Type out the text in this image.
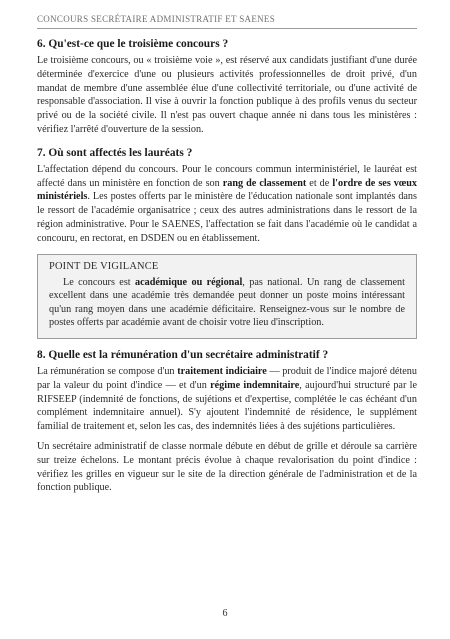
CONCOURS SECRÉTAIRE ADMINISTRATIF ET SAENES
6. Qu'est-ce que le troisième concours ?

Le troisième concours, ou « troisième voie », est réservé aux candidats justifiant d'une durée déterminée d'exercice d'une ou plusieurs activités professionnelles de droit privé, d'un mandat de membre d'une assemblée élue d'une collectivité territoriale, ou d'une activité de responsable d'association. Il vise à ouvrir la fonction publique à des profils venus du secteur privé ou de la société civile. Il n'est pas ouvert chaque année ni dans tous les ministères : vérifiez l'arrêté d'ouverture de la session.

7. Où sont affectés les lauréats ?

L'affectation dépend du concours. Pour le concours commun interministériel, le lauréat est affecté dans un ministère en fonction de son rang de classement et de l'ordre de ses vœux ministériels. Les postes offerts par le ministère de l'éducation nationale sont implantés dans le ressort de l'académie organisatrice ; ceux des autres administrations dans le ressort de la région administrative. Pour le SAENES, l'affectation se fait dans l'académie où le candidat a concouru, en rectorat, en DSDEN ou en établissement.

POINT DE VIGILANCE

Le concours est académique ou régional, pas national. Un rang de classement excellent dans une académie très demandée peut donner un poste moins intéressant qu'un rang moyen dans une académie déficitaire. Renseignez-vous sur le nombre de postes offerts par académie avant de choisir votre lieu d'inscription.

8. Quelle est la rémunération d'un secrétaire administratif ?

La rémunération se compose d'un traitement indiciaire — produit de l'indice majoré détenu par la valeur du point d'indice — et d'un régime indemnitaire, aujourd'hui structuré par le RIFSEEP (indemnité de fonctions, de sujétions et d'expertise, complétée le cas échéant d'un complément indemnitaire annuel). S'y ajoutent l'indemnité de résidence, le supplément familial de traitement et, selon les cas, des indemnités liées à des sujétions particulières.

Un secrétaire administratif de classe normale débute en début de grille et déroule sa carrière sur treize échelons. Le montant précis évolue à chaque revalorisation du point d'indice : vérifiez les grilles en vigueur sur le site de la direction générale de l'administration et de la fonction publique.

6
